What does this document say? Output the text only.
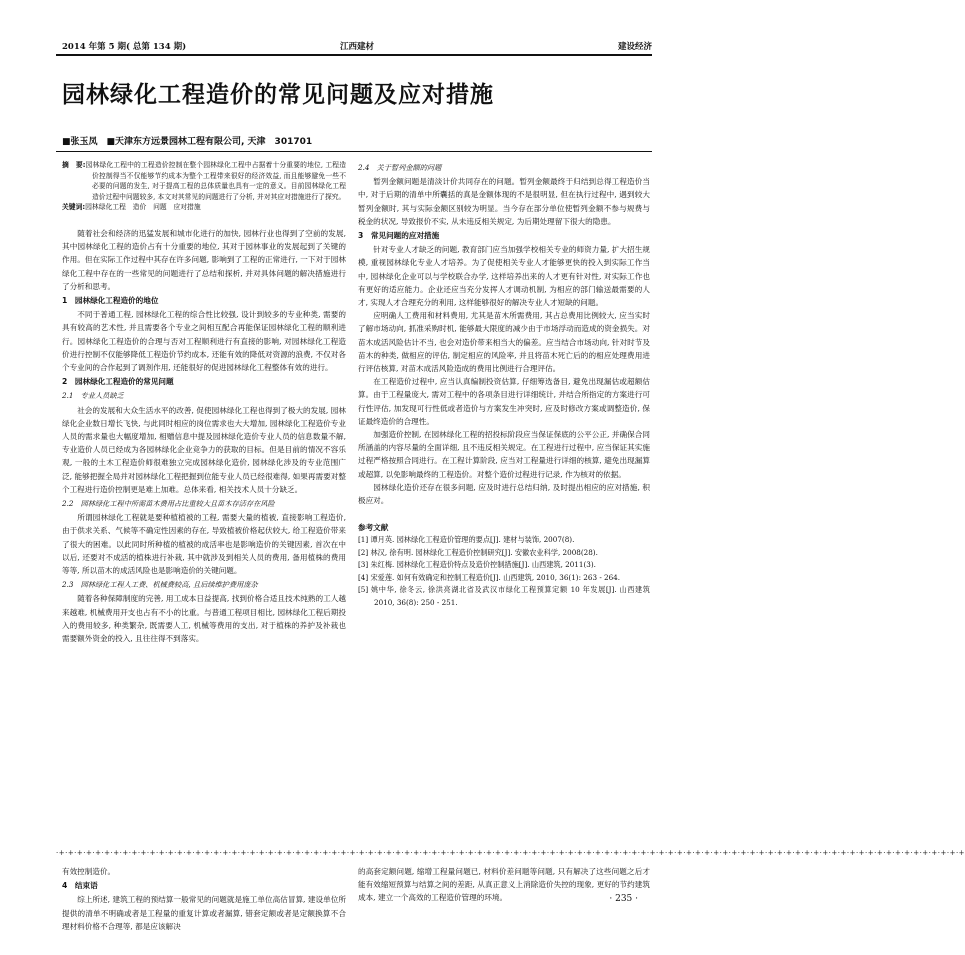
2014 年第 5 期( 总第 134 期)	江西建材	建设经济
园林绿化工程造价的常见问题及应对措施
■张玉凤　■天津东方远景园林工程有限公司, 天津　301701

摘　要:园林绿化工程中的工程造价控制在整个园林绿化工程中占据着十分重要的地位, 工程造价控制得当不仅能够节约成本为整个工程带来很好的经济效益, 而且能够避免一些不必要的问题的发生, 对于提高工程的总体质量也具有一定的意义。目前园林绿化工程造价过程中问题较多, 本文对其常见的问题进行了分析, 并对其应对措施进行了探究。

关键词:园林绿化工程　造价　问题　应对措施

随着社会和经济的迅猛发展和城市化进行的加快, 园林行业也得到了空前的发展, 其中园林绿化工程的造价占有十分重要的地位, 其对于园林事业的发展起到了关键的作用。但在实际工作过程中其存在许多问题, 影响到了工程的正常进行, 一下对于园林绿化工程中存在的一些常见的问题进行了总结和探析, 并对具体问题的解决措施进行了分析和思考。

1　园林绿化工程造价的地位

不同于普通工程, 园林绿化工程的综合性比较强, 设计到较多的专业种类, 需要的具有较高的艺术性, 并且需要各个专业之间相互配合再能保证园林绿化工程的顺利进行。园林绿化工程造价的合理与否对工程顺利进行有直接的影响, 对园林绿化工程造价进行控制不仅能够降低工程造价节约成本, 还能有效的降低对资源的浪费, 不仅对各个专业间的合作起到了调剂作用, 还能很好的促进园林绿化工程整体有效的进行。

2　园林绿化工程造价的常见问题
2.1　专业人员缺乏

社会的发展和大众生活水平的改善, 促使园林绿化工程也得到了极大的发展, 园林绿化企业数日增长飞快, 与此同时相应的岗位需求也大大增加, 园林绿化工程造价专业人员的需求量也大幅度增加, 相赠信息中提及园林绿化造价专业人员的信息数量不解, 专业造价人员已经成为各园林绿化企业竞争力的获取的目标。但是目前的情况不容乐观, 一般的土木工程造价师很难独立完成园林绿化造价, 园林绿化涉及的专业范围广泛, 能够把握全局并对园林绿化工程把握到位能专业人员已经很难得, 如果再需要对整个工程进行造价控制更是难上加难。总体来看, 相关技术人员十分缺乏。

2.2　园林绿化工程中所需苗木费用占比重较大且苗木存活存在风险

所谓园林绿化工程就是要种植植被的工程, 需要大量的植被, 直接影响工程造价, 由于供求关系、气候等不确定性因素的存在, 导致植被价格起伏较大, 给工程造价带来了很大的困难。以此同时所种植的植被的成活率也是影响造价的关键因素, 首次在中以后, 还要对不成活的植株进行补栽, 其中就涉及到相关人员的费用, 备用植株的费用等等, 所以苗木的成活风险也是影响造价的关键问题。

2.3　园林绿化工程人工费、机械费较高, 且后续维护费用庞杂

随着各种保障制度的完善, 用工成本日益提高, 找到价格合适且技术纯熟的工人越来越难, 机械费用开支也占有不小的比重。与普通工程项目相比, 园林绿化工程后期投入的费用较多, 种类繁杂, 既需要人工, 机械等费用的支出, 对于植株的养护及补栽也需要额外资金的投入, 且往往得不到落实。

2.4　关于暂列金额的问题

暂列金额问题是清淡计价共同存在的问题。暂列金额最终于归结到总得工程造价当中, 对于后期的清单中所囊括的真是金额体现的不是很明显, 但在执行过程中, 遇到较大暂列金额时, 其与实际金额区别较为明显。当今存在部分单位使暂列金额不参与规费与税金的状况, 导致报价不实, 从未违反相关规定, 为后期处理留下很大的隐患。

3　常见问题的应对措施

针对专业人才缺乏的问题, 教育部门应当加强学校相关专业的师资力量, 扩大招生规模, 重视园林绿化专业人才培养。为了促使相关专业人才能够更快的投入到实际工作当中, 园林绿化企业可以与学校联合办学, 这样培养出来的人才更有针对性, 对实际工作也有更好的适应能力。企业还应当充分发挥人才调动机制, 为相应的部门输送最需要的人才, 实现人才合理充分的利用, 这样能够很好的解决专业人才短缺的问题。

应明确人工费用和材料费用, 尤其是苗木所需费用, 其占总费用比例较大, 应当实时了解市场动向, 抓准采购时机, 能够最大限度的减少由于市场浮动而造成的资金损失。对苗木成活风险估计不当, 也会对造价带来相当大的偏差。应当结合市场动向, 针对时节及苗木的种类, 做相应的评估, 制定相应的风险率, 并且将苗木死亡后的的相应处理费用进行评估核算, 对苗木成活风险造成的费用比例进行合理评估。

在工程造价过程中, 应当认真编制投资估算, 仔细筹选备目, 避免出现漏估或超额估算。由于工程量庞大, 需对工程中的各项条目进行详细统计, 并结合所指定的方案进行可行性评估, 加发现可行性低或者造价与方案发生冲突时, 应及时修改方案或调整造价, 保证最终造价的合理性。

加强造价控制, 在园林绿化工程的招投标阶段应当保证保底的公平公正, 并确保合同所涵盖的内容尽量的全面详细, 且不违反相关规定。在工程进行过程中, 应当保证其实施过程严格按照合同进行。在工程计算阶段, 应当对工程量进行详细的核算, 避免出现漏算或超算, 以免影响最终的工程造价。对整个造价过程进行记录, 作为核对的依据。

园林绿化造价还存在很多问题, 应及时进行总结归纳, 及时提出相应的应对措施, 积极应对。

参考文献
[1] 谭月英. 园林绿化工程造价管理的要点[J]. 建材与装饰, 2007(8).
[2] 林汉, 徐有明. 园林绿化工程造价控制研究[J]. 安徽农业科学, 2008(28).
[3] 朱红梅. 园林绿化工程造价特点及造价控制措施[J]. 山西建筑, 2011(3).
[4] 宋爱莲. 如何有效确定和控制工程造价[J]. 山西建筑, 2010, 36(1): 263 - 264.
[5] 姚中华, 徐冬云, 徐洪亮湖北省及武汉市绿化工程预算定额 10 年发展[J]. 山西建筑 2010, 36(8): 250 - 251.
·+·+·+·+·+·+·+·+·+·+·+·+·+·+·+·+·+·+·+·+·+·+·+·+·+·+·+·+·+·+·+·+·+·+·+·+·+·+·+·+·+·+·+·+·+·+·+·+·+·+·+·+·+·+·+·+·+·+·+·+·+·+·+·+·+·+·+·+·+·+·+·+·+·+·+·+·+·+·+·+·+·+·+·+·+·+·+·+·+·+·+·+·+·+·+·+·+·+·+·+
有效控制造价。
4　结束语

综上所述, 建筑工程的预结算一般常见的问题就是施工单位高估冒算, 建设单位所提供的清单不明确或者是工程量的重复计算或者漏算, 错套定额或者是定额换算不合理材料价格不合理等, 都是应该解决

的高套定额问题, 缩增工程量问题已, 材料价差问题等问题, 只有解决了这些问题之后才能有效缩短预算与结算之间的差距, 从真正意义上消除造价失控的现象, 更好的节约建筑成本, 建立一个高效的工程造价管理的环境。	· 235 ·
